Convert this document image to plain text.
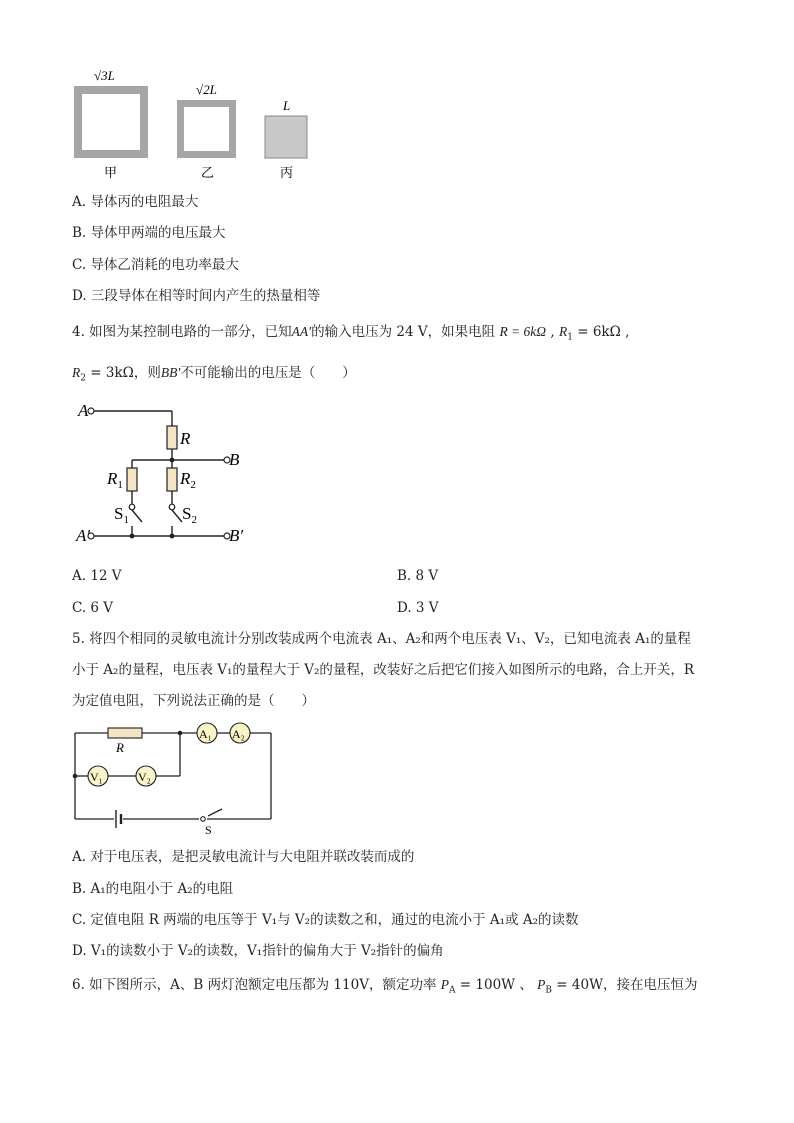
√3L
甲
√2L
乙
L
丙
A. 导体丙的电阻最大
B. 导体甲两端的电压最大
C. 导体乙消耗的电功率最大
D. 三段导体在相等时间内产生的热量相等
4. 如图为某控制电路的一部分，已知AA′的输入电压为 24 V，如果电阻 R = 6kΩ , $R_1 = 6k\Omega$ ,
$R_2 = 3k\Omega$，则BB′不可能输出的电压是（　　）
A
A′
B
B′
R
$R_1$	$R_2$
$S_1$	$S_2$
A. 12 V	B. 8 V
C. 6 V	D. 3 V
5. 将四个相同的灵敏电流计分别改装成两个电流表 A₁、A₂和两个电压表 V₁、V₂，已知电流表 A₁的量程
小于 A₂的量程，电压表 V₁的量程大于 V₂的量程，改装好之后把它们接入如图所示的电路，合上开关，R
为定值电阻，下列说法正确的是（　　）
A₁ A₂
V₁	V₂
R
S
A. 对于电压表，是把灵敏电流计与大电阻并联改装而成的
B. A₁的电阻小于 A₂的电阻
C. 定值电阻 R 两端的电压等于 V₁与 V₂的读数之和，通过的电流小于 A₁或 A₂的读数
D. V₁的读数小于 V₂的读数，V₁指针的偏角大于 V₂指针的偏角
6. 如下图所示，A、B 两灯泡额定电压都为 110V，额定功率 $P_A = 100W$ 、 $P_B = 40W$，接在电压恒为
